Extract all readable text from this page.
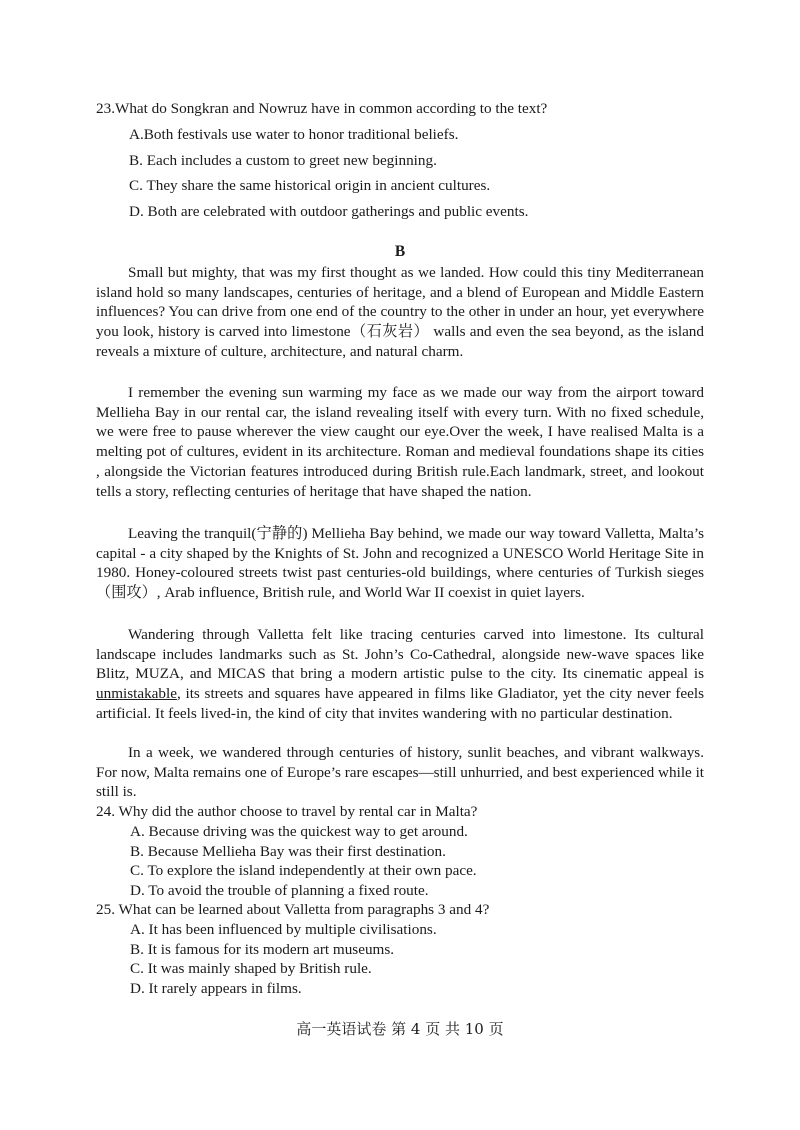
23.What do Songkran and Nowruz have in common according to the text?
A.Both festivals use water to honor traditional beliefs.
B. Each includes a custom to greet new beginning.
C. They share the same historical origin in ancient cultures.
D. Both are celebrated with outdoor gatherings and public events.
B

Small but mighty, that was my first thought as we landed. How could this tiny Mediterranean island hold so many landscapes, centuries of heritage, and a blend of European and Middle Eastern influences? You can drive from one end of the country to the other in under an hour, yet everywhere you look, history is carved into limestone（石灰岩） walls and even the sea beyond, as the island reveals a mixture of culture, architecture, and natural charm.

I remember the evening sun warming my face as we made our way from the airport toward Mellieha Bay in our rental car, the island revealing itself with every turn. With no fixed schedule, we were free to pause wherever the view caught our eye.Over the week, I have realised Malta is a melting pot of cultures, evident in its architecture. Roman and medieval foundations shape its cities , alongside the Victorian features introduced during British rule.Each landmark, street, and lookout tells a story, reflecting centuries of heritage that have shaped the nation.

Leaving the tranquil(宁静的) Mellieha Bay behind, we made our way toward Valletta, Malta’s capital - a city shaped by the Knights of St. John and recognized a UNESCO World Heritage Site in 1980. Honey-coloured streets twist past centuries-old buildings, where centuries of Turkish sieges（围攻）, Arab influence, British rule, and World War II coexist in quiet layers.

Wandering through Valletta felt like tracing centuries carved into limestone. Its cultural landscape includes landmarks such as St. John’s Co-Cathedral, alongside new-wave spaces like Blitz, MUZA, and MICAS that bring a modern artistic pulse to the city. Its cinematic appeal is unmistakable, its streets and squares have appeared in films like Gladiator, yet the city never feels artificial. It feels lived-in, the kind of city that invites wandering with no particular destination.

In a week, we wandered through centuries of history, sunlit beaches, and vibrant walkways. For now, Malta remains one of Europe’s rare escapes—still unhurried, and best experienced while it still is.

24. Why did the author choose to travel by rental car in Malta?
A. Because driving was the quickest way to get around.
B. Because Mellieha Bay was their first destination.
C. To explore the island independently at their own pace.
D. To avoid the trouble of planning a fixed route.
25. What can be learned about Valletta from paragraphs 3 and 4?
A. It has been influenced by multiple civilisations.
B. It is famous for its modern art museums.
C. It was mainly shaped by British rule.
D. It rarely appears in films.
高一英语试卷 第 4 页 共 10 页
